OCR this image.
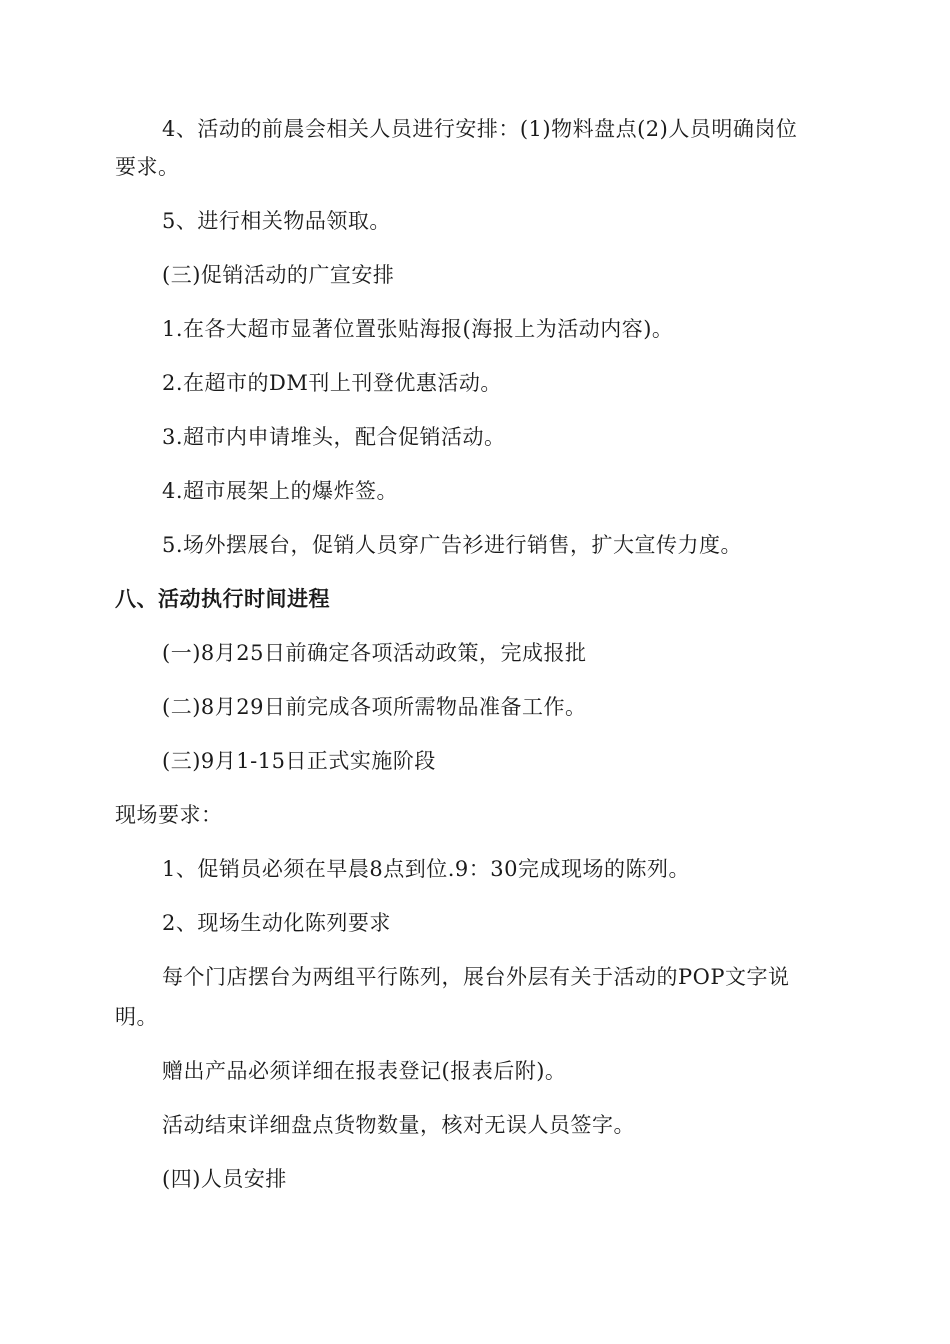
4、活动的前晨会相关人员进行安排：(1)物料盘点(2)人员明确岗位
要求。
5、进行相关物品领取。
(三)促销活动的广宣安排
1.在各大超市显著位置张贴海报(海报上为活动内容)。
2.在超市的DM刊上刊登优惠活动。
3.超市内申请堆头，配合促销活动。
4.超市展架上的爆炸签。
5.场外摆展台，促销人员穿广告衫进行销售，扩大宣传力度。
八、活动执行时间进程
(一)8月25日前确定各项活动政策，完成报批
(二)8月29日前完成各项所需物品准备工作。
(三)9月1-15日正式实施阶段
现场要求：
1、促销员必须在早晨8点到位.9：30完成现场的陈列。
2、现场生动化陈列要求
每个门店摆台为两组平行陈列，展台外层有关于活动的POP文字说
明。
赠出产品必须详细在报表登记(报表后附)。
活动结束详细盘点货物数量，核对无误人员签字。
(四)人员安排
